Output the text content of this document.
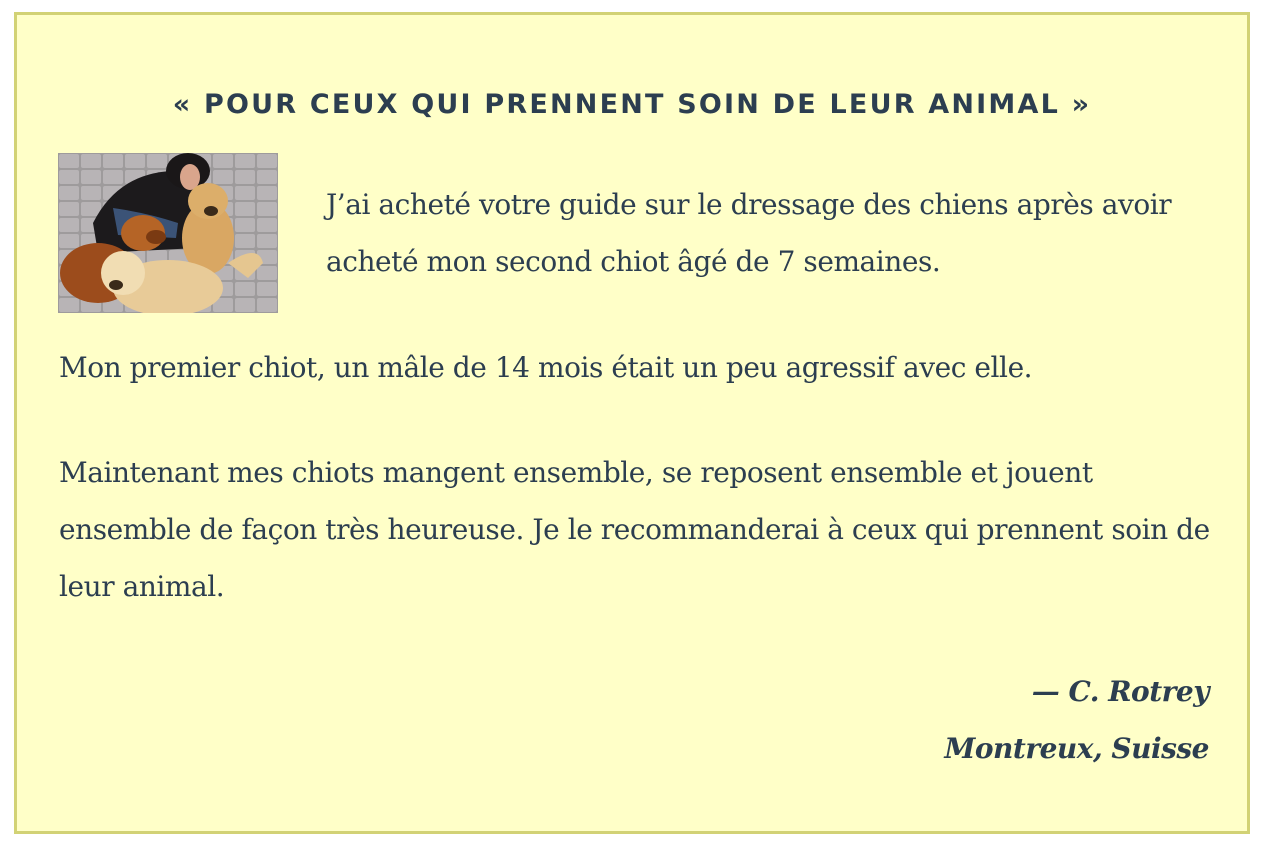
« POUR CEUX QUI PRENNENT SOIN DE LEUR ANIMAL »

J’ai acheté votre guide sur le dressage des chiens après avoir acheté mon second chiot âgé de 7 semaines.

Mon premier chiot, un mâle de 14 mois était un peu agressif avec elle.

Maintenant mes chiots mangent ensemble, se reposent ensemble et jouent ensemble de façon très heureuse. Je le recommanderai à ceux qui prennent soin de leur animal.

— C. Rotrey
Montreux, Suisse
